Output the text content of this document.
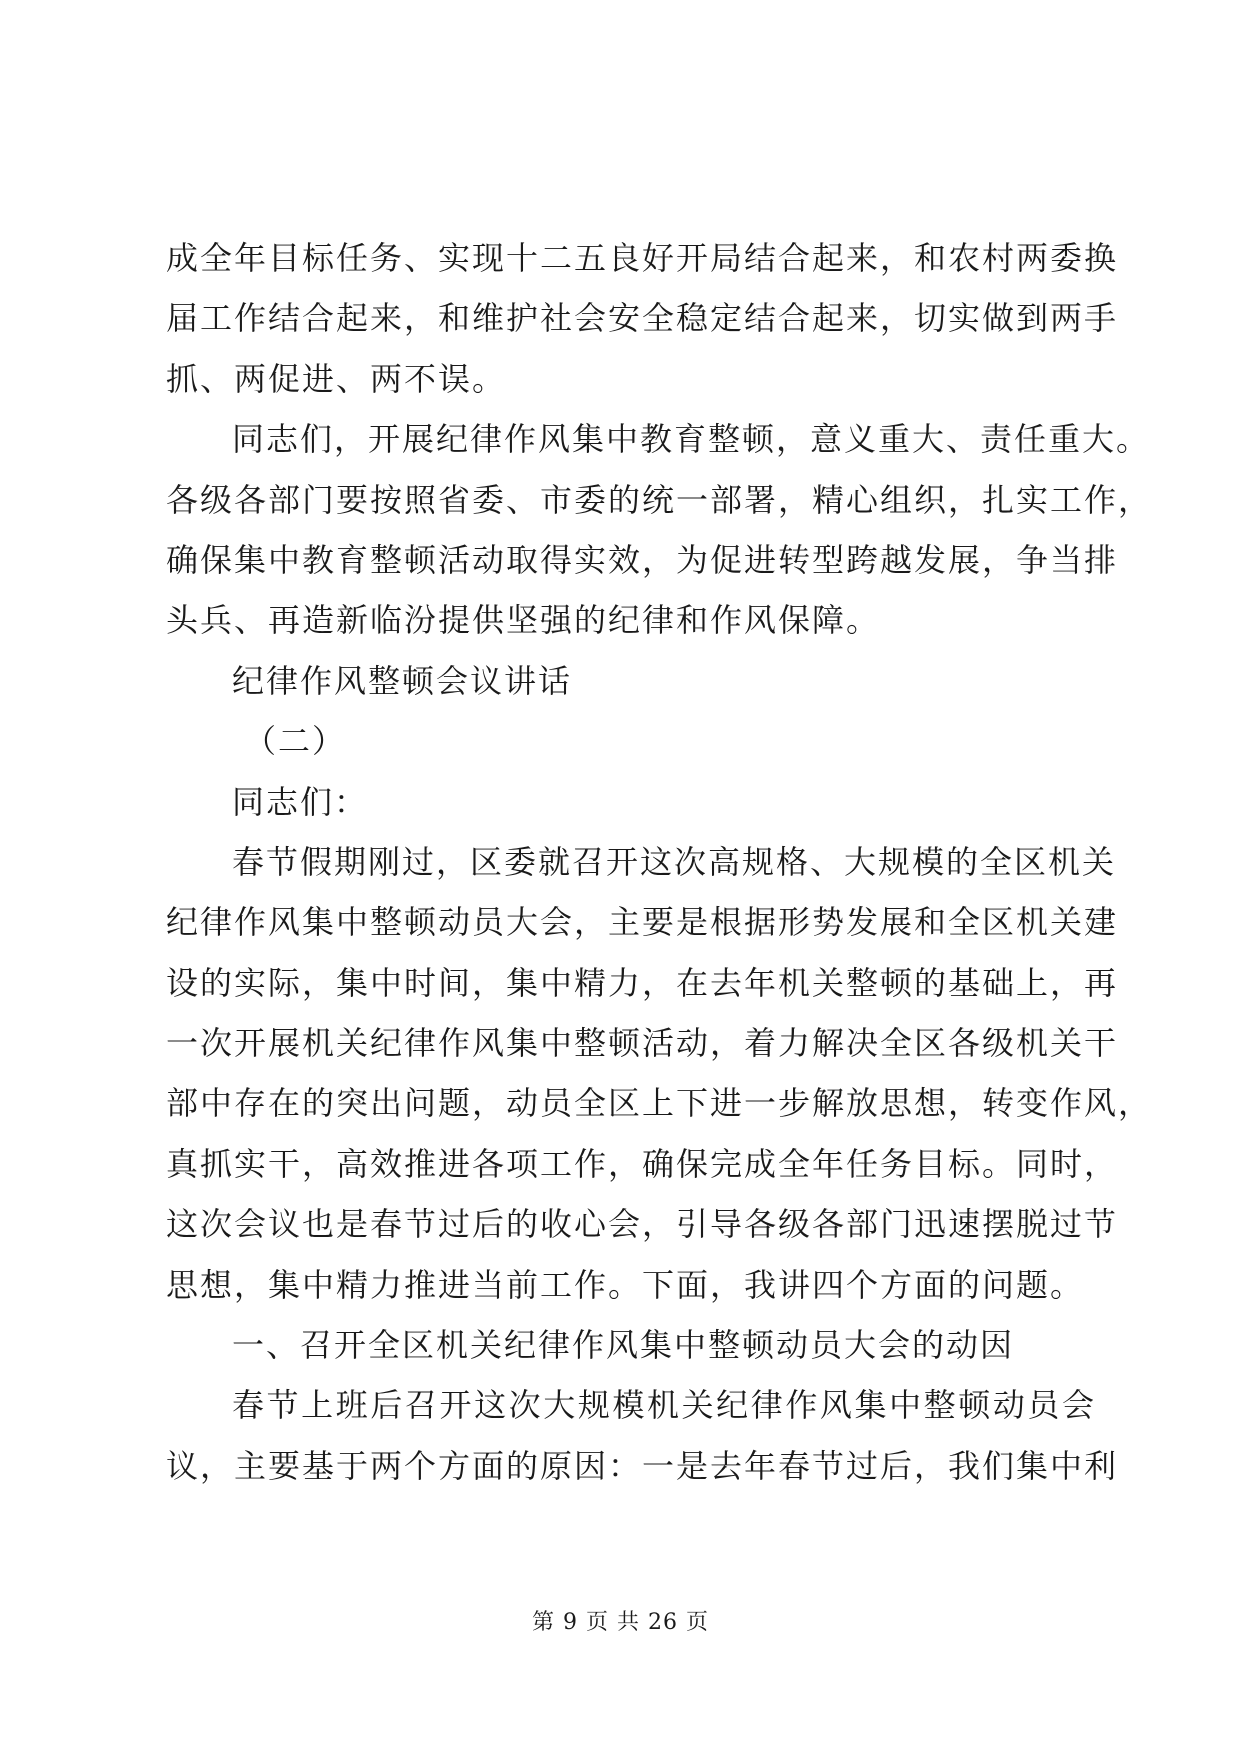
成全年目标任务、实现十二五良好开局结合起来，和农村两委换
届工作结合起来，和维护社会安全稳定结合起来，切实做到两手
抓、两促进、两不误。
同志们，开展纪律作风集中教育整顿，意义重大、责任重大。
各级各部门要按照省委、市委的统一部署，精心组织，扎实工作，
确保集中教育整顿活动取得实效，为促进转型跨越发展，争当排
头兵、再造新临汾提供坚强的纪律和作风保障。
纪律作风整顿会议讲话
（二）
同志们：
春节假期刚过，区委就召开这次高规格、大规模的全区机关
纪律作风集中整顿动员大会，主要是根据形势发展和全区机关建
设的实际，集中时间，集中精力，在去年机关整顿的基础上，再
一次开展机关纪律作风集中整顿活动，着力解决全区各级机关干
部中存在的突出问题，动员全区上下进一步解放思想，转变作风，
真抓实干，高效推进各项工作，确保完成全年任务目标。同时，
这次会议也是春节过后的收心会，引导各级各部门迅速摆脱过节
思想，集中精力推进当前工作。下面，我讲四个方面的问题。
一、召开全区机关纪律作风集中整顿动员大会的动因
春节上班后召开这次大规模机关纪律作风集中整顿动员会
议，主要基于两个方面的原因：一是去年春节过后，我们集中利
第 9 页 共 26 页
